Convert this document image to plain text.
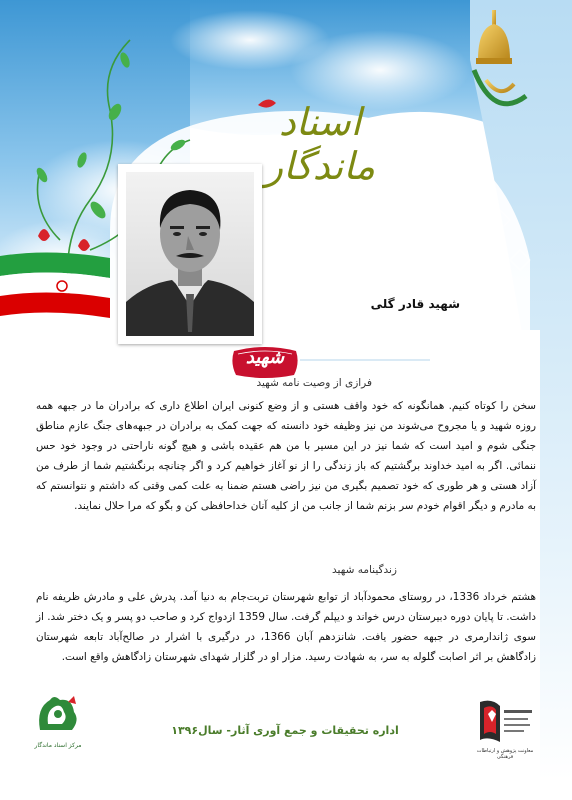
اسناد ماندگار
شهید قادر گلی
شهید
فرازی از وصیت نامه شهید
سخن را کوتاه کنیم. همانگونه که خود واقف هستی و از وضع کنونی ایران اطلاع داری که برادران ما در جبهه همه روزه شهید و یا مجروح می‌شوند من نیز وظیفه خود دانسته که جهت کمک به برادران در جبهه‌های جنگ عازم مناطق جنگی شوم و امید است که شما نیز در این مسیر با من هم عقیده باشی و هیچ گونه ناراحتی در وجود خود حس ننمائی. اگر به امید خداوند برگشتیم که باز زندگی را از نو آغاز خواهیم کرد و اگر چنانچه برنگشتیم شما از طرف من آزاد هستی و هر طوری که خود تصمیم بگیری من نیز راضی هستم ضمنا به علت کمی وقتی که داشتم و نتوانستم که به مادرم و دیگر اقوام خودم سر بزنم شما از جانب من از کلیه آنان خداحافظی کن و بگو که مرا حلال نمایند.
زندگینامه شهید
هشتم خرداد 1336، در روستای محمودآباد از توابع شهرستان تربت‌جام به دنیا آمد. پدرش علی و مادرش ظریفه نام داشت. تا پایان دوره دبیرستان درس خواند و دیپلم گرفت. سال 1359 ازدواج کرد و صاحب دو پسر و یک دختر شد. از سوی ژاندارمری در جبهه حضور یافت. شانزدهم آبان 1366، در درگیری با اشرار در صالح‌آباد تابعه شهرستان زادگاهش بر اثر اصابت گلوله به سر، به شهادت رسید. مزار او در گلزار شهدای شهرستان زادگاهش واقع است.
مرکز اسناد ماندگار
اداره تحقیقات و جمع آوری آثار- سال۱۳۹۶
معاونت پژوهش و ارتباطات فرهنگی
